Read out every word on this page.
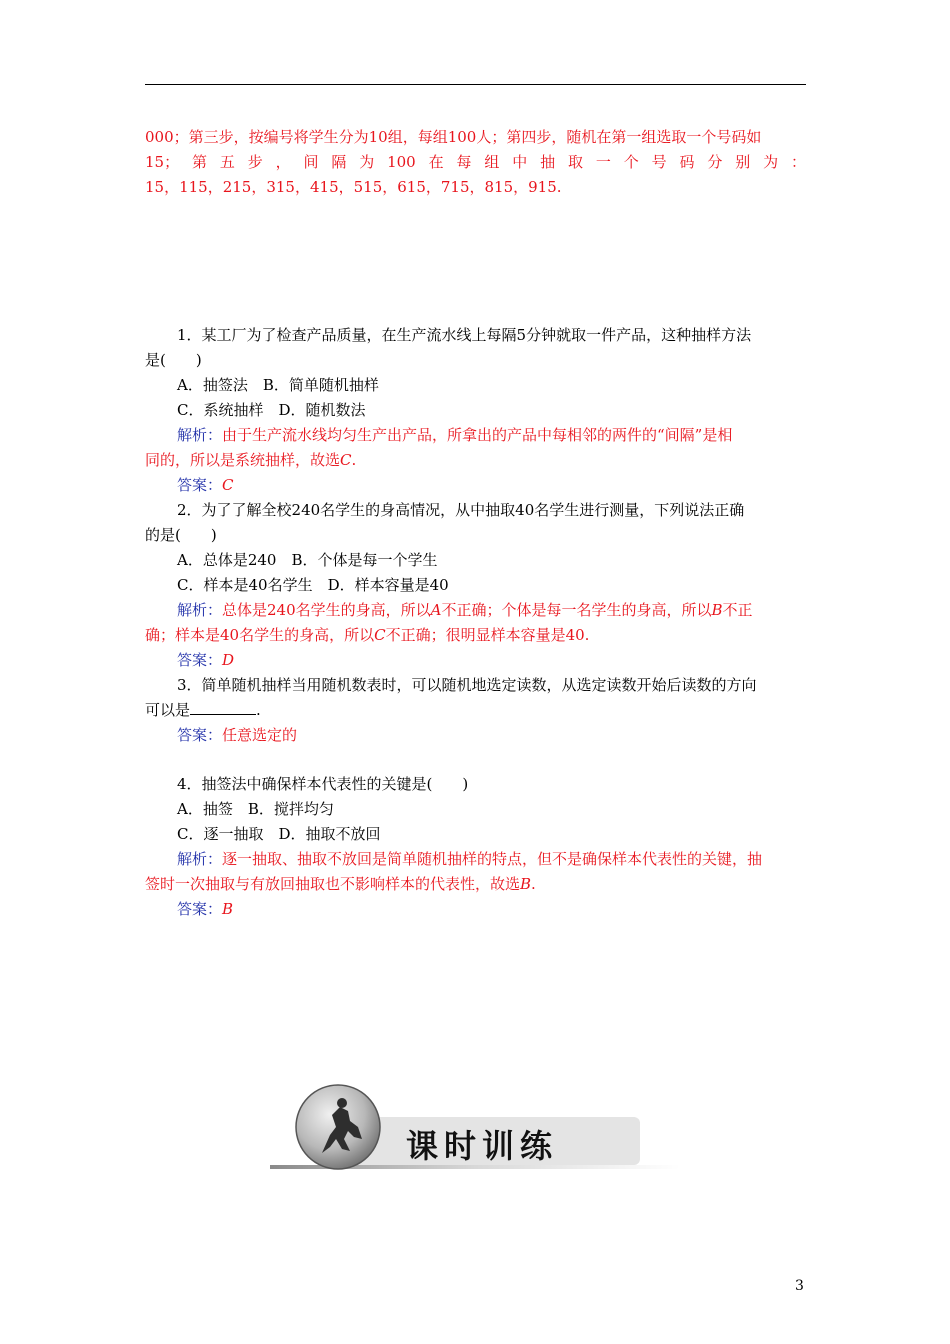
000；第三步，按编号将学生分为10组，每组100人；第四步，随机在第一组选取一个号码如
15；第五步，间隔为100在每组中抽取一个号码分别为：
15，115，215，315，415，515，615，715，815，915.
1．某工厂为了检查产品质量，在生产流水线上每隔5分钟就取一件产品，这种抽样方法
是(　　)
A．抽签法　B．简单随机抽样
C．系统抽样　D．随机数法
解析：由于生产流水线均匀生产出产品，所拿出的产品中每相邻的两件的“间隔”是相
同的，所以是系统抽样，故选C.
答案：C
2．为了了解全校240名学生的身高情况，从中抽取40名学生进行测量，下列说法正确
的是(　　)
A．总体是240　B．个体是每一个学生
C．样本是40名学生　D．样本容量是40
解析：总体是240名学生的身高，所以A不正确；个体是每一名学生的身高，所以B不正
确；样本是40名学生的身高，所以C不正确；很明显样本容量是40.
答案：D
3．简单随机抽样当用随机数表时，可以随机地选定读数，从选定读数开始后读数的方向
可以是	.
答案：任意选定的
4．抽签法中确保样本代表性的关键是(　　)
A．抽签　B．搅拌均匀
C．逐一抽取　D．抽取不放回
解析：逐一抽取、抽取不放回是简单随机抽样的特点，但不是确保样本代表性的关键，抽
签时一次抽取与有放回抽取也不影响样本的代表性，故选B.
答案：B
课时训练
3
